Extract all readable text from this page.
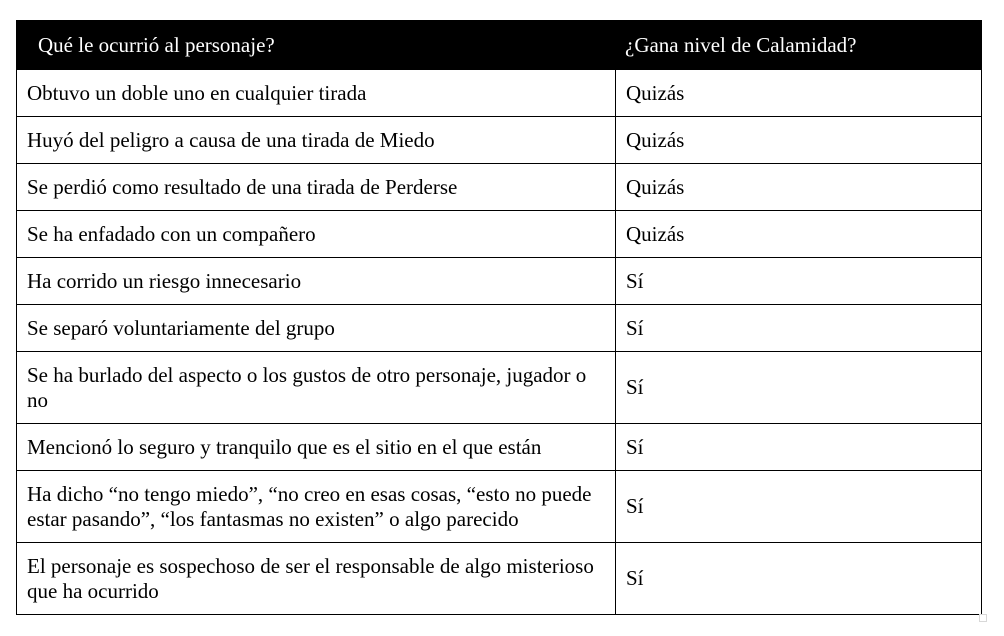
Qué le ocurrió al personaje?	¿Gana nivel de Calamidad?
Obtuvo un doble uno en cualquier tirada	Quizás
Huyó del peligro a causa de una tirada de Miedo	Quizás
Se perdió como resultado de una tirada de Perderse	Quizás
Se ha enfadado con un compañero	Quizás
Ha corrido un riesgo innecesario	Sí
Se separó voluntariamente del grupo	Sí
Se ha burlado del aspecto o los gustos de otro personaje, jugador o no	Sí
Mencionó lo seguro y tranquilo que es el sitio en el que están	Sí
Ha dicho “no tengo miedo”, “no creo en esas cosas, “esto no puede estar pasando”, “los fantasmas no existen” o algo parecido	Sí
El personaje es sospechoso de ser el responsable de algo misterioso que ha ocurrido	Sí
